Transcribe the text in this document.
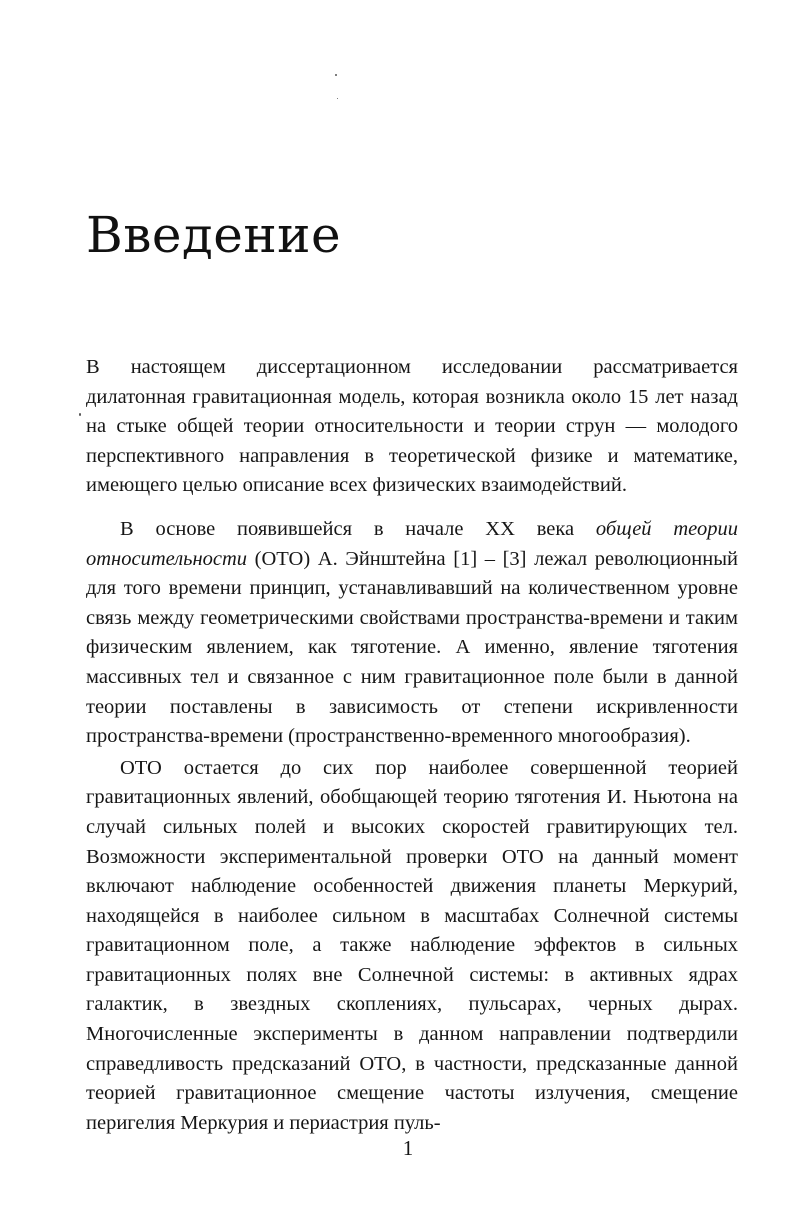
Введение

В настоящем диссертационном исследовании рассматривается дилатонная гравитационная модель, которая возникла около 15 лет назад на стыке общей теории относительности и теории струн — молодого перспективного направления в теоретической физике и математике, имеющего целью описание всех физических взаимодействий.

В основе появившейся в начале XX века общей теории относительности (ОТО) А. Эйнштейна [1] – [3] лежал революционный для того времени принцип, устанавливавший на количественном уровне связь между геометрическими свойствами пространства-времени и таким физическим явлением, как тяготение. А именно, явление тяготения массивных тел и связанное с ним гравитационное поле были в данной теории поставлены в зависимость от степени искривленности пространства-времени (пространственно-временного многообразия).

ОТО остается до сих пор наиболее совершенной теорией гравитационных явлений, обобщающей теорию тяготения И. Ньютона на случай сильных полей и высоких скоростей гравитирующих тел. Возможности экспериментальной проверки ОТО на данный момент включают наблюдение особенностей движения планеты Меркурий, находящейся в наиболее сильном в масштабах Солнечной системы гравитационном поле, а также наблюдение эффектов в сильных гравитационных полях вне Солнечной системы: в активных ядрах галактик, в звездных скоплениях, пульсарах, черных дырах. Многочисленные эксперименты в данном направлении подтвердили справедливость предсказаний ОТО, в частности, предсказанные данной теорией гравитационное смещение частоты излучения, смещение перигелия Меркурия и периастрия пуль-

1
